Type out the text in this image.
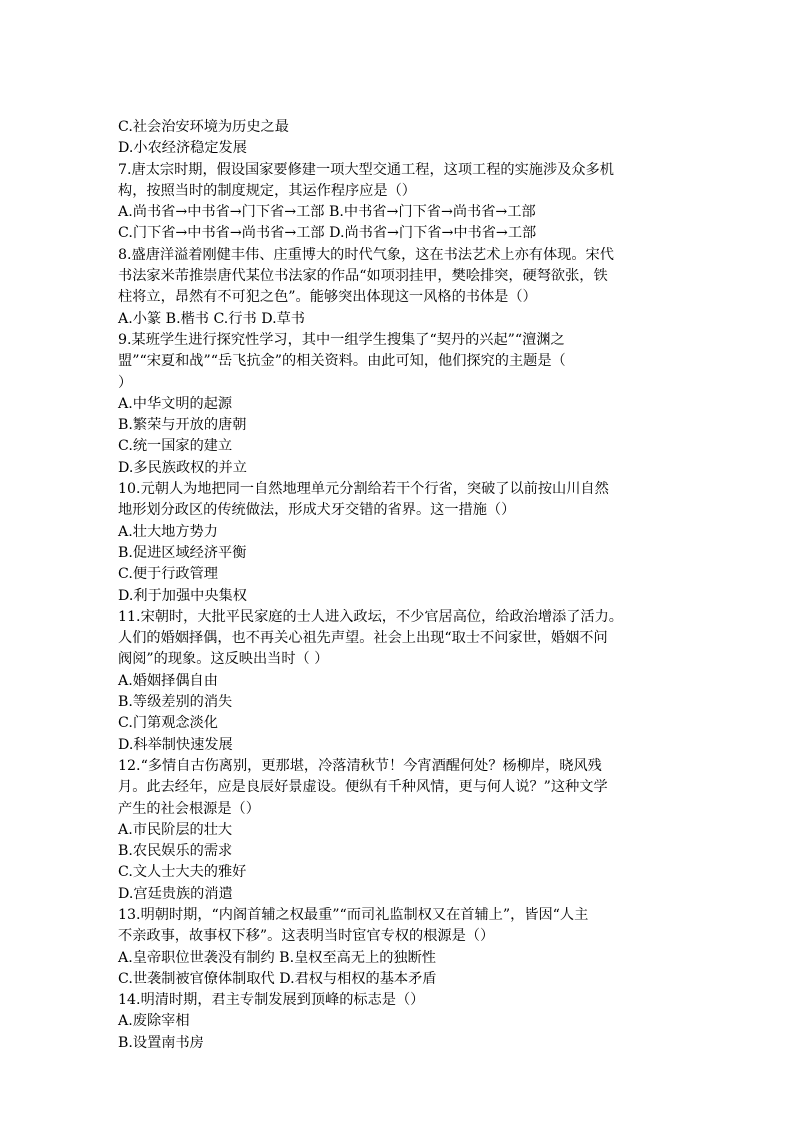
C.社会治安环境为历史之最
D.小农经济稳定发展
7.唐太宗时期，假设国家要修建一项大型交通工程，这项工程的实施涉及众多机
构，按照当时的制度规定，其运作程序应是（）
A.尚书省→中书省→门下省→工部 B.中书省→门下省→尚书省→工部
C.门下省→中书省→尚书省→工部 D.尚书省→门下省→中书省→工部
8.盛唐洋溢着刚健丰伟、庄重博大的时代气象，这在书法艺术上亦有体现。宋代
书法家米芾推崇唐代某位书法家的作品“如项羽挂甲，樊哙排突，硬弩欲张，铁
柱将立，昂然有不可犯之色”。能够突出体现这一风格的书体是（）
A.小篆 B.楷书 C.行书 D.草书
9.某班学生进行探究性学习，其中一组学生搜集了“契丹的兴起”“澶渊之
盟”“宋夏和战”“岳飞抗金”的相关资料。由此可知，他们探究的主题是（
）
A.中华文明的起源
B.繁荣与开放的唐朝
C.统一国家的建立
D.多民族政权的并立
10.元朝人为地把同一自然地理单元分割给若干个行省，突破了以前按山川自然
地形划分政区的传统做法，形成犬牙交错的省界。这一措施（）
A.壮大地方势力
B.促进区域经济平衡
C.便于行政管理
D.利于加强中央集权
11.宋朝时，大批平民家庭的士人进入政坛，不少官居高位，给政治增添了活力。
人们的婚姻择偶，也不再关心祖先声望。社会上出现“取士不问家世，婚姻不问
阀阅”的现象。这反映出当时（ ）
A.婚姻择偶自由
B.等级差别的消失
C.门第观念淡化
D.科举制快速发展
12.“多情自古伤离别，更那堪，冷落清秋节！今宵酒醒何处？杨柳岸，晓风残
月。此去经年，应是良辰好景虚设。便纵有千种风情，更与何人说？”这种文学
产生的社会根源是（）
A.市民阶层的壮大
B.农民娱乐的需求
C.文人士大夫的雅好
D.宫廷贵族的消遣
13.明朝时期，“内阁首辅之权最重”“而司礼监制权又在首辅上”，皆因“人主
不亲政事，故事权下移”。这表明当时宦官专权的根源是（）
A.皇帝职位世袭没有制约 B.皇权至高无上的独断性
C.世袭制被官僚体制取代 D.君权与相权的基本矛盾
14.明清时期，君主专制发展到顶峰的标志是（）
A.废除宰相
B.设置南书房
